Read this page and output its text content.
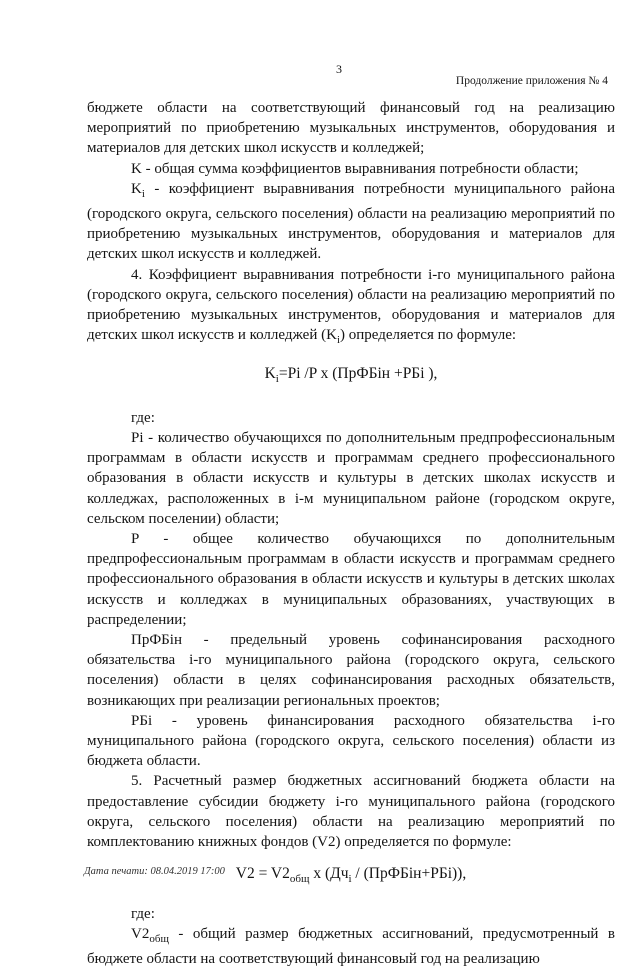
3
Продолжение приложения № 4

бюджете области на соответствующий финансовый год на реализацию мероприятий по приобретению музыкальных инструментов, оборудования и материалов для детских школ искусств и колледжей;

K - общая сумма коэффициентов выравнивания потребности области;

$K_i$ - коэффициент выравнивания потребности муниципального района (городского округа, сельского поселения) области на реализацию мероприятий по приобретению музыкальных инструментов, оборудования и материалов для детских школ искусств и колледжей.

4. Коэффициент выравнивания потребности i-го муниципального района (городского округа, сельского поселения) области на реализацию мероприятий по приобретению музыкальных инструментов, оборудования и материалов для детских школ искусств и колледжей $(K_i)$ определяется по формуле:

$K_i=Pi$ /P x (ПрФБiн +РБi ),

где:

Pi - количество обучающихся по дополнительным предпрофессиональным программам в области искусств и программам среднего профессионального образования в области искусств и культуры в детских школах искусств и колледжах, расположенных в i-м муниципальном районе (городском округе, сельском поселении) области;

P - общее количество обучающихся по дополнительным предпрофессиональным программам в области искусств и программам среднего профессионального образования в области искусств и культуры в детских школах искусств и колледжах в муниципальных образованиях, участвующих в распределении;

ПрФБiн - предельный уровень софинансирования расходного обязательства i-го муниципального района (городского округа, сельского поселения) области в целях софинансирования расходных обязательств, возникающих при реализации региональных проектов;

РБi - уровень финансирования расходного обязательства i-го муниципального района (городского округа, сельского поселения) области из бюджета области.

5. Расчетный размер бюджетных ассигнований бюджета области на предоставление субсидии бюджету i-го муниципального района (городского округа, сельского поселения) области на реализацию мероприятий по комплектованию книжных фондов (V2) определяется по формуле:

$V2 = V2_{общ}$ x ($Дч_i$ / (ПрФБiн+РБi)),

где:

$V2_{общ}$ - общий размер бюджетных ассигнований, предусмотренный в бюджете области на соответствующий финансовый год на реализацию

Дата печати: 08.04.2019 17:00
